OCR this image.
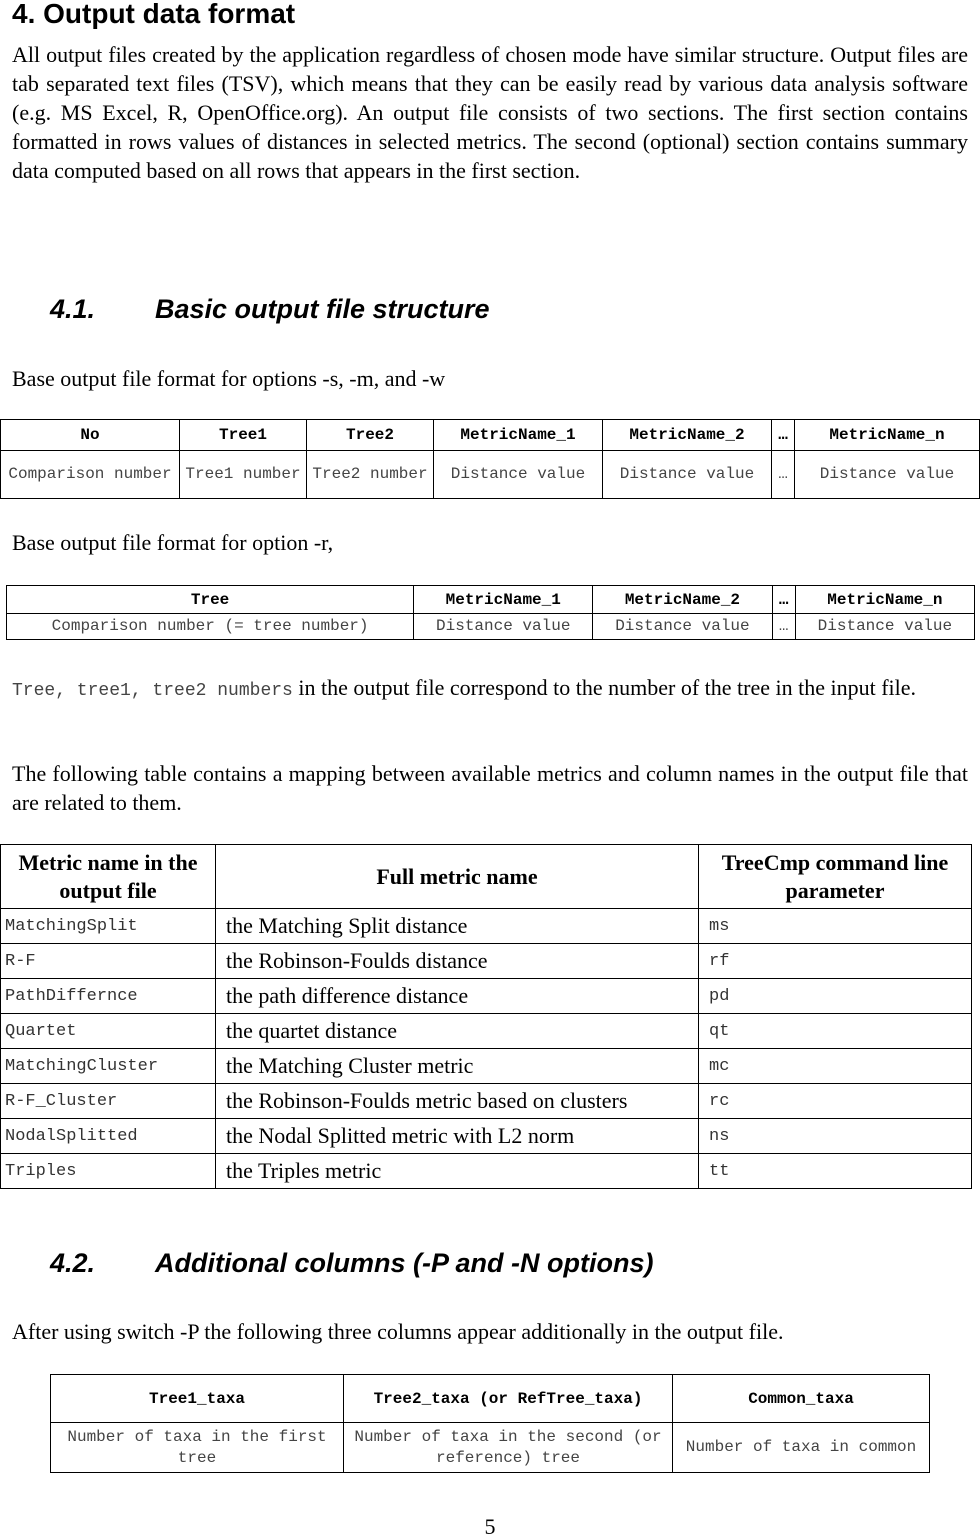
4. Output data format

All output files created by the application regardless of chosen mode have similar structure. Output files are tab separated text files (TSV), which means that they can be easily read by various data analysis software (e.g. MS Excel, R, OpenOffice.org). An output file consists of two sections. The first section contains formatted in rows values of distances in selected metrics. The second (optional) section contains summary data computed based on all rows that appears in the first section.

4.1. Basic output file structure

Base output file format for options -s, -m, and -w

No	Tree1	Tree2	MetricName_1	MetricName_2	…	MetricName_n
Comparison number	Tree1 number	Tree2 number	Distance value	Distance value	…	Distance value

Base output file format for option -r,

Tree	MetricName_1	MetricName_2	…	MetricName_n
Comparison number (= tree number)	Distance value	Distance value	…	Distance value

Tree, tree1, tree2 numbers in the output file correspond to the number of the tree in the input file.

The following table contains a mapping between available metrics and column names in the output file that are related to them.

Metric name in the output file	Full metric name	TreeCmp command line parameter
MatchingSplit	the Matching Split distance	ms
R-F	the Robinson-Foulds distance	rf
PathDiffernce	the path difference distance	pd
Quartet	the quartet distance	qt
MatchingCluster	the Matching Cluster metric	mc
R-F_Cluster	the Robinson-Foulds metric based on clusters	rc
NodalSplitted	the Nodal Splitted metric with L2 norm	ns
Triples	the Triples metric	tt
4.2. Additional columns (-P and -N options)

After using switch -P the following three columns appear additionally in the output file.

Tree1_taxa	Tree2_taxa (or RefTree_taxa)	Common_taxa
Number of taxa in the first tree	Number of taxa in the second (or reference) tree	Number of taxa in common
5
